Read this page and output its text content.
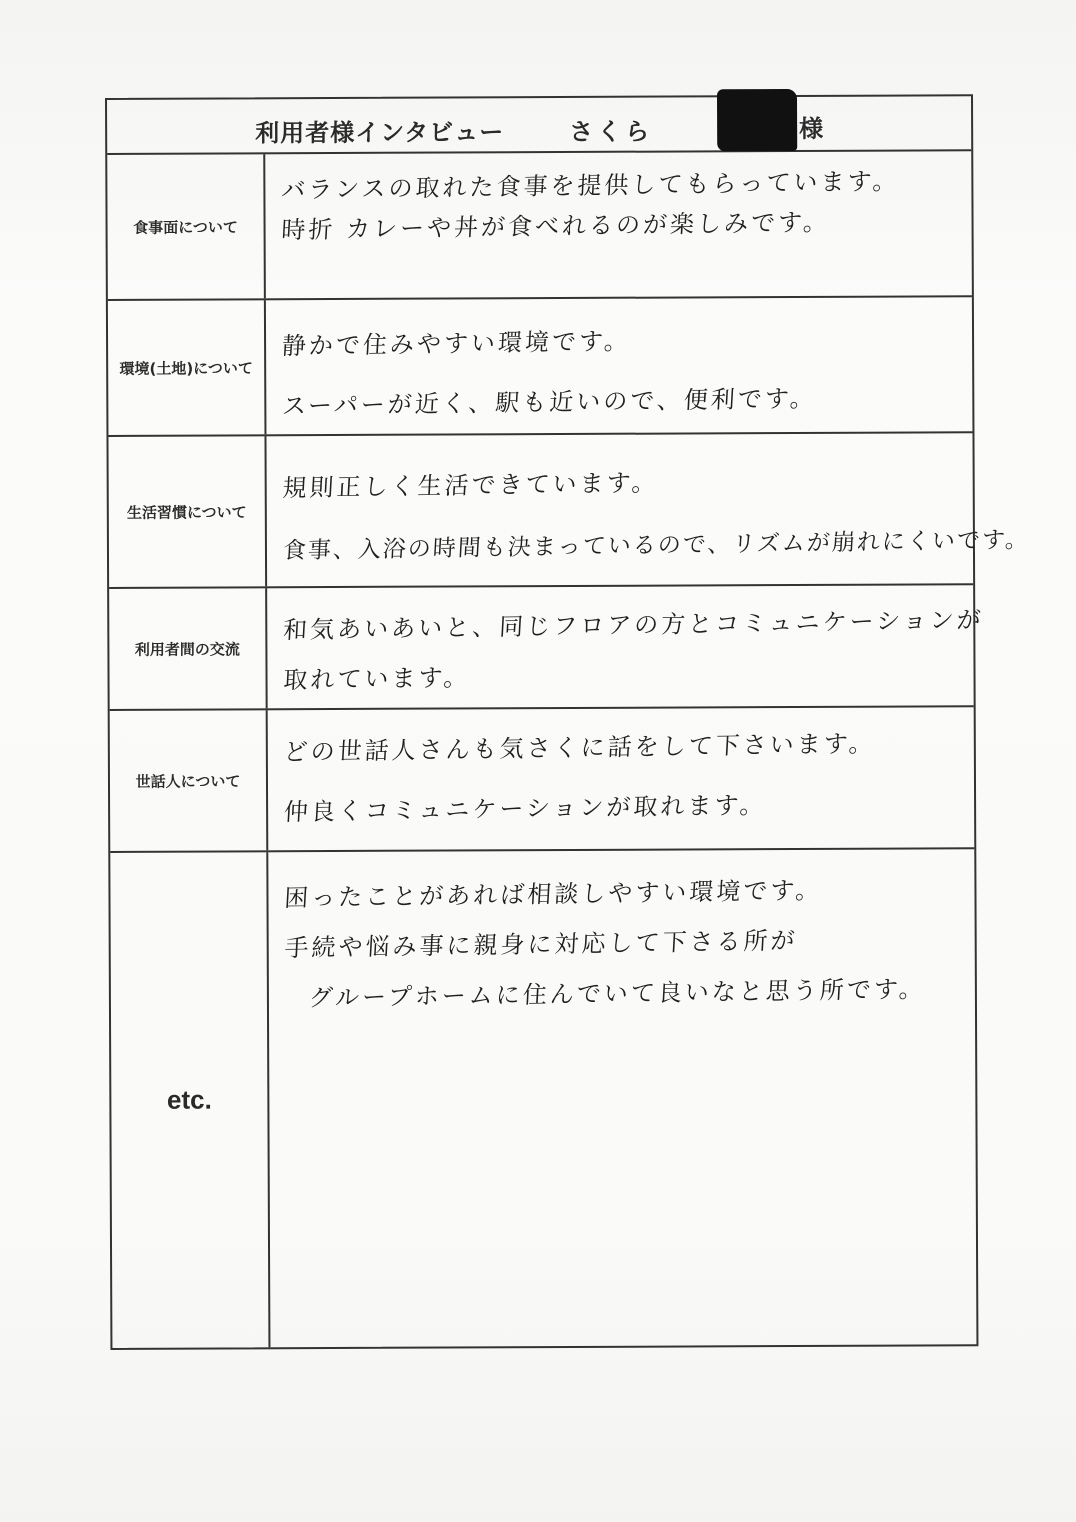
利用者様インタビュー	さくら	様
食事面について
バランスの取れた食事を提供してもらっています。
時折 カレーや丼が食べれるのが楽しみです。
環境(土地)について
静かで住みやすい環境です。
スーパーが近く、駅も近いので、便利です。
生活習慣について
規則正しく生活できています。
食事、入浴の時間も決まっているので、リズムが崩れにくいです。
利用者間の交流
和気あいあいと、同じフロアの方とコミュニケーションが
取れています。
世話人について
どの世話人さんも気さくに話をして下さいます。
仲良くコミュニケーションが取れます。
etc.
困ったことがあれば相談しやすい環境です。
手続や悩み事に親身に対応して下さる所が
グループホームに住んでいて良いなと思う所です。
